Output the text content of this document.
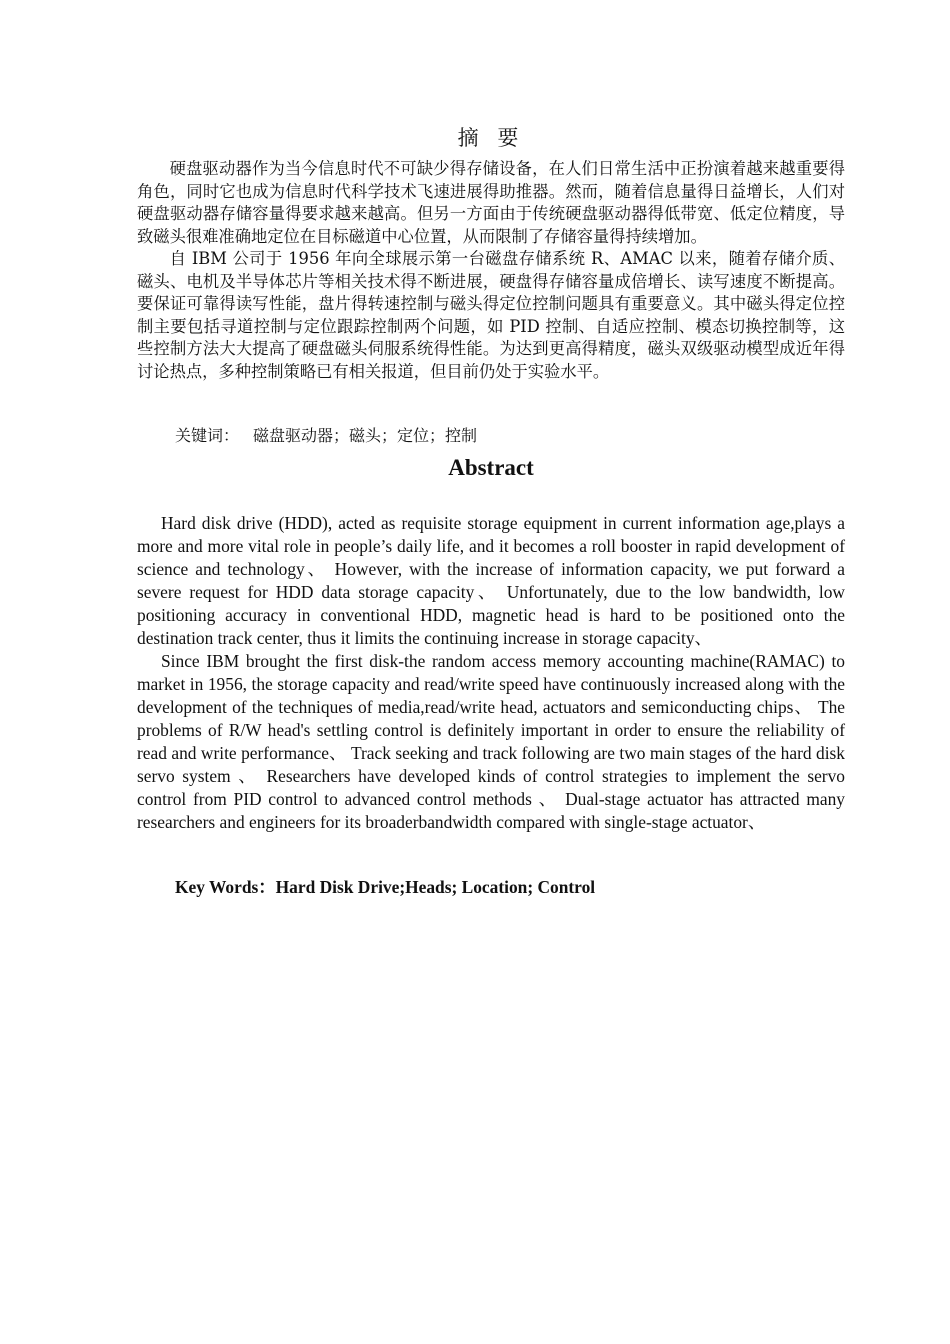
摘 要

硬盘驱动器作为当今信息时代不可缺少得存储设备，在人们日常生活中正扮演着越来越重要得角色，同时它也成为信息时代科学技术飞速进展得助推器。然而，随着信息量得日益增长，人们对硬盘驱动器存储容量得要求越来越高。但另一方面由于传统硬盘驱动器得低带宽、低定位精度，导致磁头很难准确地定位在目标磁道中心位置，从而限制了存储容量得持续增加。

自 IBM 公司于 1956 年向全球展示第一台磁盘存储系统 R、AMAC 以来，随着存储介质、磁头、电机及半导体芯片等相关技术得不断进展，硬盘得存储容量成倍增长、读写速度不断提高。要保证可靠得读写性能，盘片得转速控制与磁头得定位控制问题具有重要意义。其中磁头得定位控制主要包括寻道控制与定位跟踪控制两个问题，如 PID 控制、自适应控制、模态切换控制等，这些控制方法大大提高了硬盘磁头伺服系统得性能。为达到更高得精度，磁头双级驱动模型成近年得讨论热点，多种控制策略已有相关报道，但目前仍处于实验水平。

关键词： 磁盘驱动器；磁头；定位；控制
Abstract

Hard disk drive (HDD), acted as requisite storage equipment in current information age,plays a more and more vital role in people’s daily life, and it becomes a roll booster in rapid development of science and technology、 However, with the increase of information capacity, we put forward a severe request for HDD data storage capacity、 Unfortunately, due to the low bandwidth, low positioning accuracy in conventional HDD, magnetic head is hard to be positioned onto the destination track center, thus it limits the continuing increase in storage capacity、

Since IBM brought the first disk-the random access memory accounting machine(RAMAC) to market in 1956, the storage capacity and read/write speed have continuously increased along with the development of the techniques of media,read/write head, actuators and semiconducting chips、 The problems of R/W head's settling control is definitely important in order to ensure the reliability of read and write performance、 Track seeking and track following are two main stages of the hard disk servo system 、 Researchers have developed kinds of control strategies to implement the servo control from PID control to advanced control methods 、 Dual-stage actuator has attracted many researchers and engineers for its broaderbandwidth compared with single-stage actuator、

Key Words：Hard Disk Drive;Heads; Location; Control
